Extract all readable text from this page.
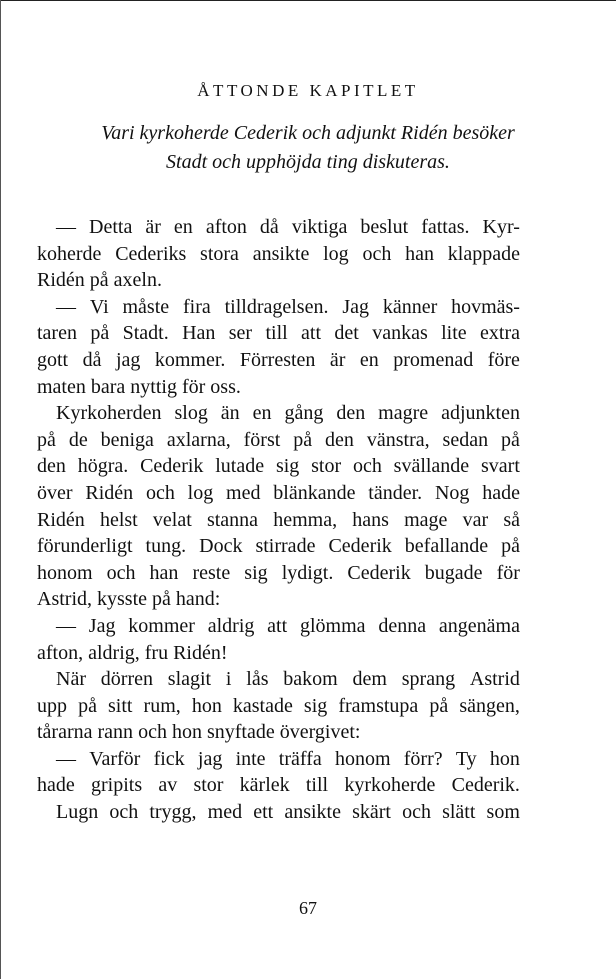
ÅTTONDE KAPITLET
Vari kyrkoherde Cederik och adjunkt Ridén besöker
Stadt och upphöjda ting diskuteras.
— Detta är en afton då viktiga beslut fattas. Kyr-
koherde Cederiks stora ansikte log och han klappade
Ridén på axeln.
— Vi måste fira tilldragelsen. Jag känner hovmäs-
taren på Stadt. Han ser till att det vankas lite extra
gott då jag kommer. Förresten är en promenad före
maten bara nyttig för oss.
Kyrkoherden slog än en gång den magre adjunkten
på de beniga axlarna, först på den vänstra, sedan på
den högra. Cederik lutade sig stor och svällande svart
över Ridén och log med blänkande tänder. Nog hade
Ridén helst velat stanna hemma, hans mage var så
förunderligt tung. Dock stirrade Cederik befallande på
honom och han reste sig lydigt. Cederik bugade för
Astrid, kysste på hand:
— Jag kommer aldrig att glömma denna angenäma
afton, aldrig, fru Ridén!
När dörren slagit i lås bakom dem sprang Astrid
upp på sitt rum, hon kastade sig framstupa på sängen,
tårarna rann och hon snyftade övergivet:
— Varför fick jag inte träffa honom förr? Ty hon
hade gripits av stor kärlek till kyrkoherde Cederik.
Lugn och trygg, med ett ansikte skärt och slätt som
67
